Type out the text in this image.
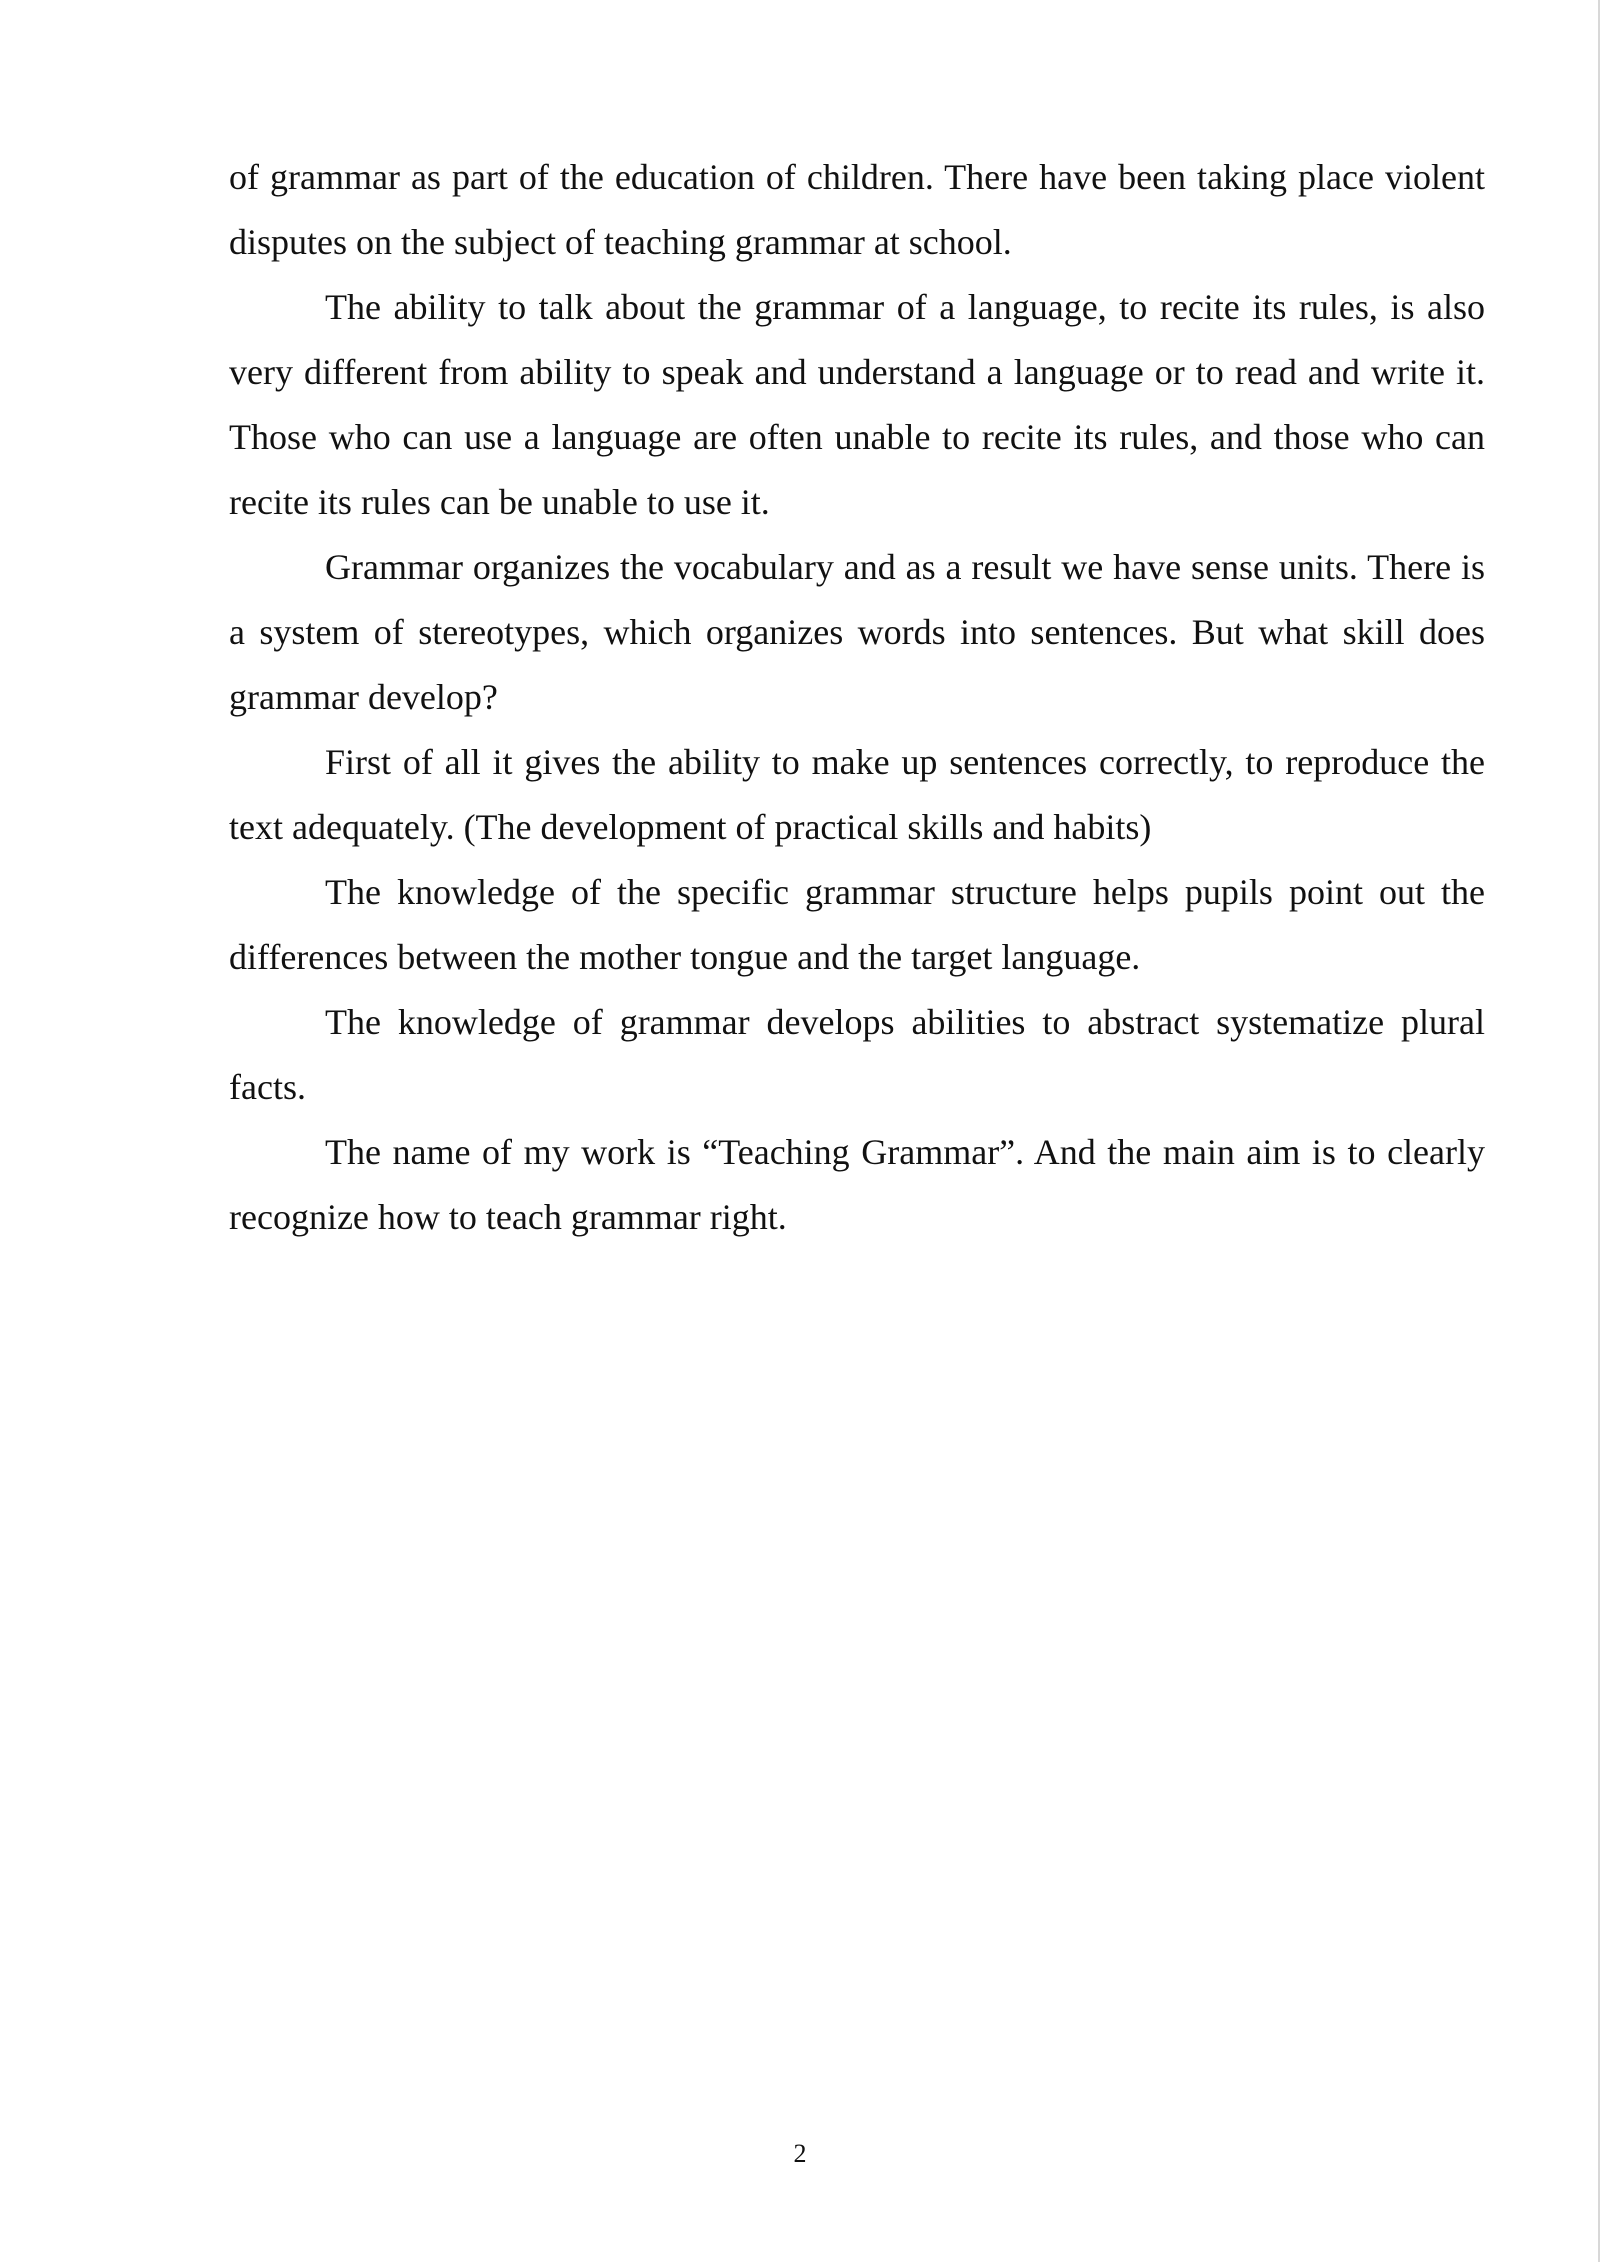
of grammar as part of the education of children. There have been taking place violent disputes on the subject of teaching grammar at school.

The ability to talk about the grammar of a language, to recite its rules, is also very different from ability to speak and understand a language or to read and write it. Those who can use a language are often unable to recite its rules, and those who can recite its rules can be unable to use it.

Grammar organizes the vocabulary and as a result we have sense units. There is a system of stereotypes, which organizes words into sentences. But what skill does grammar develop?

First of all it gives the ability to make up sentences correctly, to reproduce the text adequately. (The development of practical skills and habits)

The knowledge of the specific grammar structure helps pupils point out the differences between the mother tongue and the target language.

The knowledge of grammar develops abilities to abstract systematize plural facts.

The name of my work is “Teaching Grammar”. And the main aim is to clearly recognize how to teach grammar right.

2
